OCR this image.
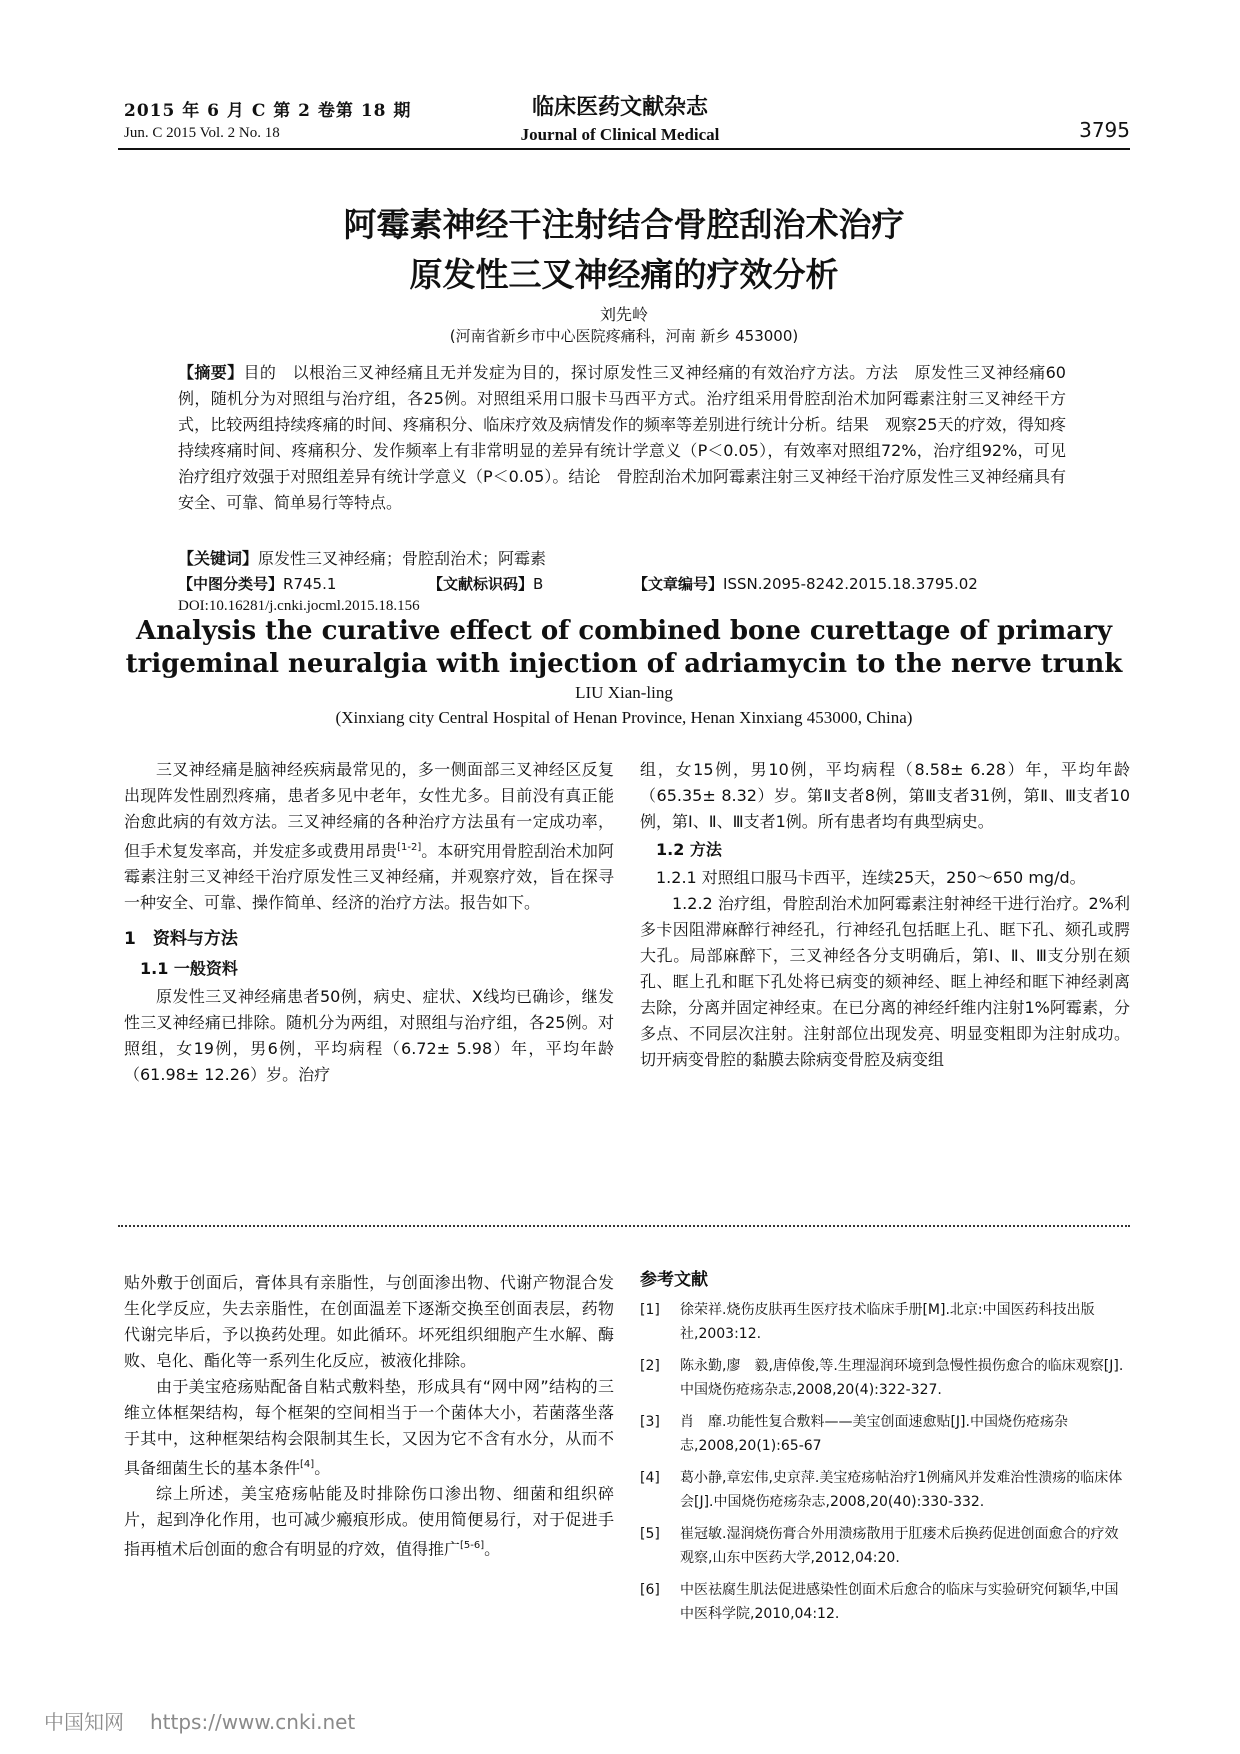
2015 年 6 月 C 第 2 卷第 18 期
Jun. C 2015 Vol. 2 No. 18
临床医药文献杂志
Journal of Clinical Medical	3795
阿霉素神经干注射结合骨腔刮治术治疗
原发性三叉神经痛的疗效分析
刘先岭
(河南省新乡市中心医院疼痛科，河南 新乡 453000)
【摘要】目的　以根治三叉神经痛且无并发症为目的，探讨原发性三叉神经痛的有效治疗方法。方法　原发性三叉神经痛60例，随机分为对照组与治疗组，各25例。对照组采用口服卡马西平方式。治疗组采用骨腔刮治术加阿霉素注射三叉神经干方式，比较两组持续疼痛的时间、疼痛积分、临床疗效及病情发作的频率等差别进行统计分析。结果　观察25天的疗效，得知疼持续疼痛时间、疼痛积分、发作频率上有非常明显的差异有统计学意义（P＜0.05），有效率对照组72%，治疗组92%，可见治疗组疗效强于对照组差异有统计学意义（P＜0.05）。结论　骨腔刮治术加阿霉素注射三叉神经干治疗原发性三叉神经痛具有安全、可靠、简单易行等特点。
【关键词】原发性三叉神经痛；骨腔刮治术；阿霉素
【中图分类号】R745.1	【文献标识码】B	【文章编号】ISSN.2095-8242.2015.18.3795.02
DOI:10.16281/j.cnki.jocml.2015.18.156
Analysis the curative effect of combined bone curettage of primary
trigeminal neuralgia with injection of adriamycin to the nerve trunk
LIU Xian-ling
(Xinxiang city Central Hospital of Henan Province, Henan Xinxiang 453000, China)

三叉神经痛是脑神经疾病最常见的，多一侧面部三叉神经区反复出现阵发性剧烈疼痛，患者多见中老年，女性尤多。目前没有真正能治愈此病的有效方法。三叉神经痛的各种治疗方法虽有一定成功率，但手术复发率高，并发症多或费用昂贵[1-2]。本研究用骨腔刮治术加阿霉素注射三叉神经干治疗原发性三叉神经痛，并观察疗效，旨在探寻一种安全、可靠、操作简单、经济的治疗方法。报告如下。

1　资料与方法
1.1 一般资料

原发性三叉神经痛患者50例，病史、症状、X线均已确诊，继发性三叉神经痛已排除。随机分为两组，对照组与治疗组，各25例。对照组，女19例，男6例，平均病程（6.72± 5.98）年，平均年龄（61.98± 12.26）岁。治疗

组，女15例，男10例，平均病程（8.58± 6.28）年，平均年龄（65.35± 8.32）岁。第Ⅱ支者8例，第Ⅲ支者31例，第Ⅱ、Ⅲ支者10例，第Ⅰ、Ⅱ、Ⅲ支者1例。所有患者均有典型病史。

1.2 方法
1.2.1 对照组口服马卡西平，连续25天，250～650 mg/d。

1.2.2 治疗组，骨腔刮治术加阿霉素注射神经干进行治疗。2%利多卡因阻滞麻醉行神经孔，行神经孔包括眶上孔、眶下孔、颏孔或腭大孔。局部麻醉下，三叉神经各分支明确后，第Ⅰ、Ⅱ、Ⅲ支分别在颏孔、眶上孔和眶下孔处将已病变的颏神经、眶上神经和眶下神经剥离去除，分离并固定神经束。在已分离的神经纤维内注射1%阿霉素，分多点、不同层次注射。注射部位出现发亮、明显变粗即为注射成功。切开病变骨腔的黏膜去除病变骨腔及病变组

贴外敷于创面后，膏体具有亲脂性，与创面渗出物、代谢产物混合发生化学反应，失去亲脂性，在创面温差下逐渐交换至创面表层，药物代谢完毕后，予以换药处理。如此循环。坏死组织细胞产生水解、酶败、皂化、酯化等一系列生化反应，被液化排除。

由于美宝疮疡贴配备自粘式敷料垫，形成具有“网中网”结构的三维立体框架结构，每个框架的空间相当于一个菌体大小，若菌落坐落于其中，这种框架结构会限制其生长，又因为它不含有水分，从而不具备细菌生长的基本条件[4]。

综上所述，美宝疮疡帖能及时排除伤口渗出物、细菌和组织碎片，起到净化作用，也可减少瘢痕形成。使用简便易行，对于促进手指再植术后创面的愈合有明显的疗效，值得推广[5-6]。

参考文献
[1]	徐荣祥.烧伤皮肤再生医疗技术临床手册[M].北京:中国医药科技出版社,2003:12.
[2]	陈永勤,廖　毅,唐倬俊,等.生理湿润环境到急慢性损伤愈合的临床观察[J].中国烧伤疮疡杂志,2008,20(4):322-327.
[3]	肖　靡.功能性复合敷料——美宝创面速愈贴[J].中国烧伤疮疡杂志,2008,20(1):65-67
[4]	葛小静,章宏伟,史京萍.美宝疮疡帖治疗1例痛风并发难治性溃疡的临床体会[J].中国烧伤疮疡杂志,2008,20(40):330-332.
[5]	崔冠敏.湿润烧伤膏合外用溃疡散用于肛瘘术后换药促进创面愈合的疗效观察,山东中医药大学,2012,04:20.
[6]	中医祛腐生肌法促进感染性创面术后愈合的临床与实验研究何颖华,中国中医科学院,2010,04:12.
中国知网 https://www.cnki.net
